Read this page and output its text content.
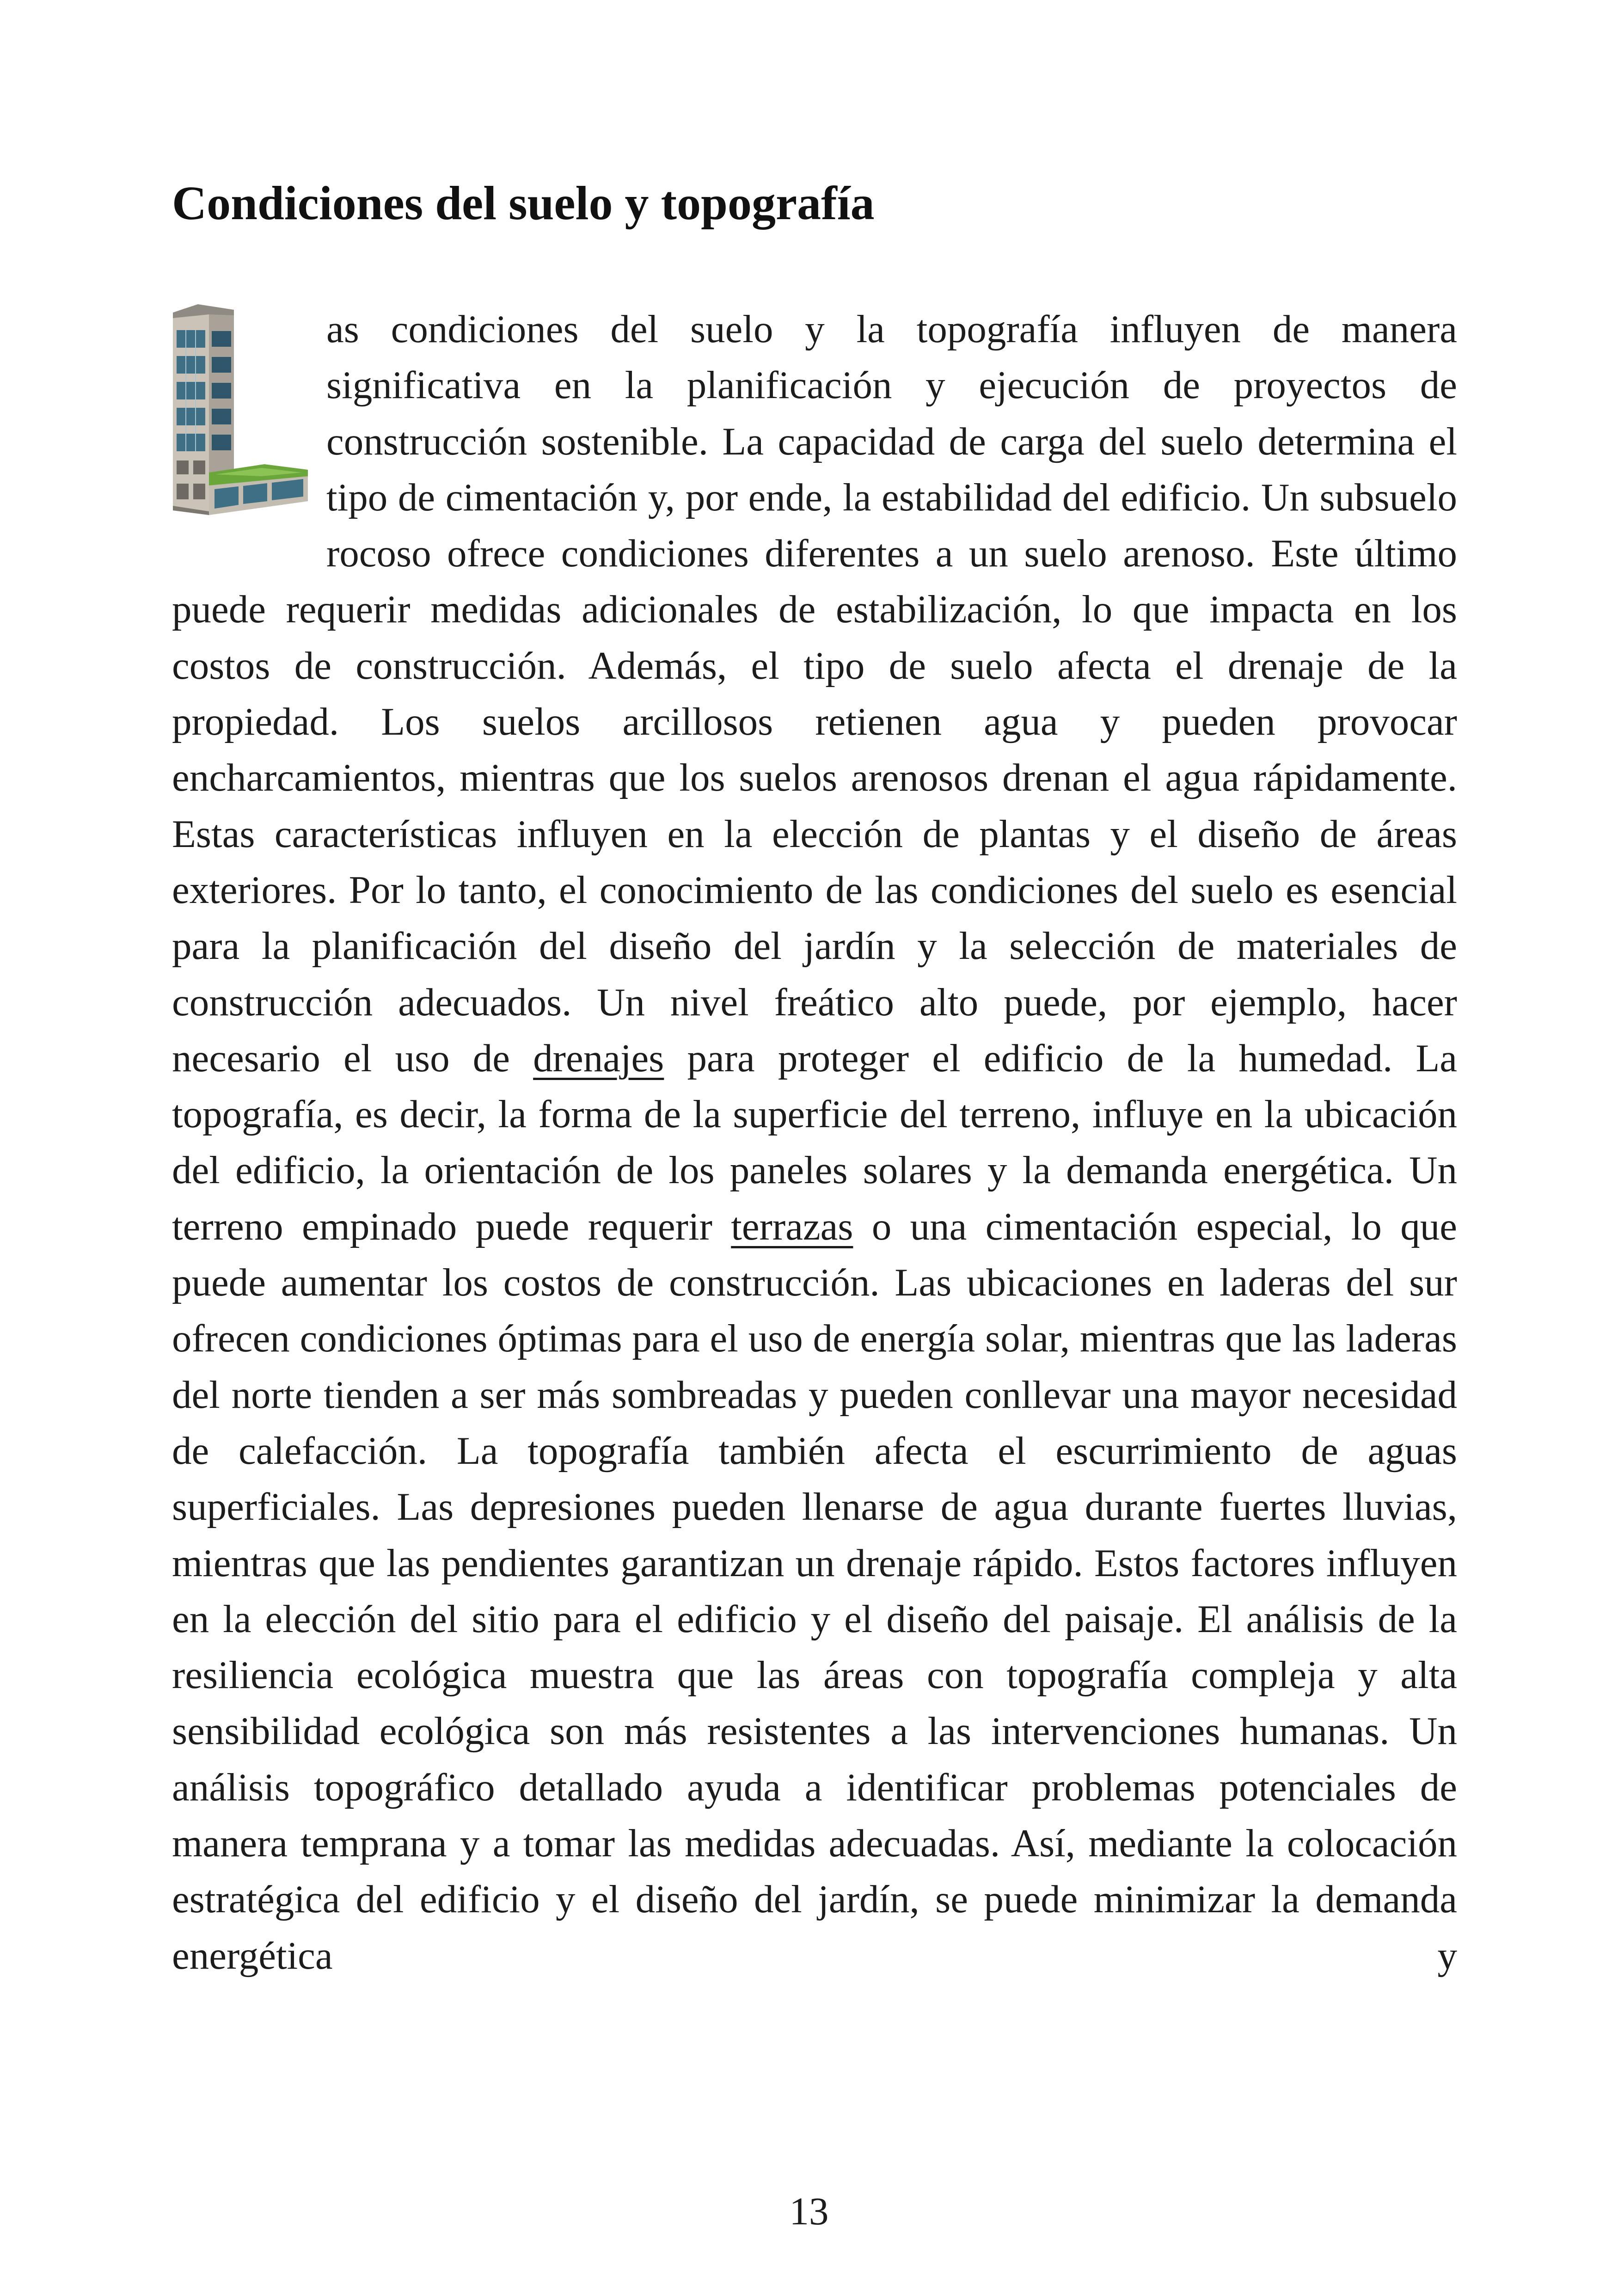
Condiciones del suelo y topografía

as condiciones del suelo y la topografía influyen de manera significativa en la planificación y ejecución de proyectos de construcción sostenible. La capacidad de carga del suelo determina el tipo de cimentación y, por ende, la estabilidad del edificio. Un subsuelo rocoso ofrece condiciones diferentes a un suelo arenoso. Este último puede requerir medidas adicionales de estabilización, lo que impacta en los costos de construcción. Además, el tipo de suelo afecta el drenaje de la propiedad. Los suelos arcillosos retienen agua y pueden provocar encharcamientos, mientras que los suelos arenosos drenan el agua rápidamente. Estas características influyen en la elección de plantas y el diseño de áreas exteriores. Por lo tanto, el conocimiento de las condiciones del suelo es esencial para la planificación del diseño del jardín y la selección de materiales de construcción adecuados. Un nivel freático alto puede, por ejemplo, hacer necesario el uso de drenajes para proteger el edificio de la humedad. La topografía, es decir, la forma de la superficie del terreno, influye en la ubicación del edificio, la orientación de los paneles solares y la demanda energética. Un terreno empinado puede requerir terrazas o una cimentación especial, lo que puede aumentar los costos de construcción. Las ubicaciones en laderas del sur ofrecen condiciones óptimas para el uso de energía solar, mientras que las laderas del norte tienden a ser más sombreadas y pueden conllevar una mayor necesidad de calefacción. La topografía también afecta el escurrimiento de aguas superficiales. Las depresiones pueden llenarse de agua durante fuertes lluvias, mientras que las pendientes garantizan un drenaje rápido. Estos factores influyen en la elección del sitio para el edificio y el diseño del paisaje. El análisis de la resiliencia ecológica muestra que las áreas con topografía compleja y alta sensibilidad ecológica son más resistentes a las intervenciones humanas. Un análisis topográfico detallado ayuda a identificar problemas potenciales de manera temprana y a tomar las medidas adecuadas. Así, mediante la colocación estratégica del edificio y el diseño del jardín, se puede minimizar la demanda energética y

13
